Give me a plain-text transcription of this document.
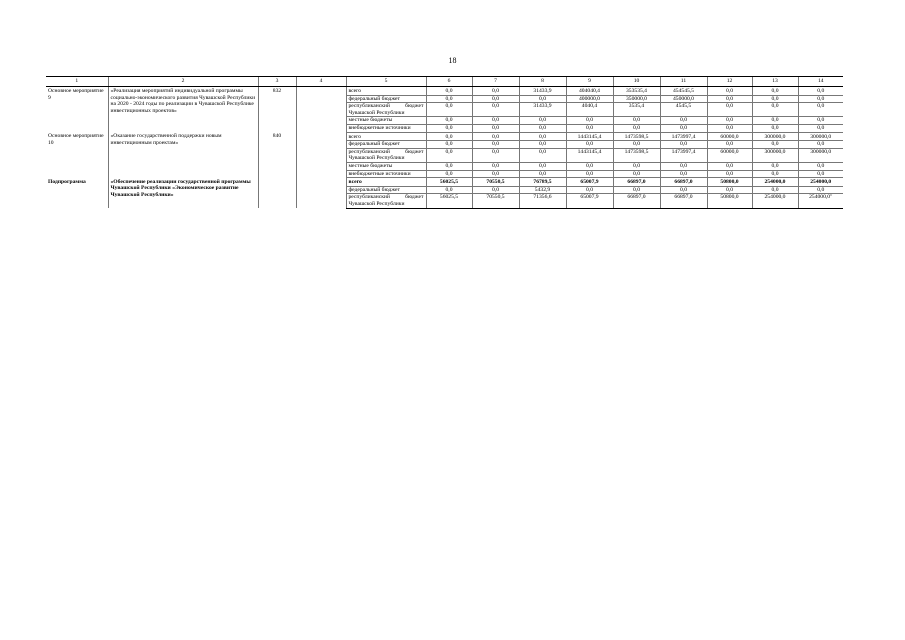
18
1	2	3	4	5	6	7	8	9	10	11	12	13	14
Основное мероприятие 9	«Реализация мероприятий индивидуальной программы социально-экономического развития Чувашской Республики на 2020 - 2024 годы по реализации в Чувашской Республике инвестиционных проектов»	832		всего	0,0	0,0	31433,9	404040,4	353535,4	454545,5	0,0	0,0	0,0
				федеральный бюджет	0,0	0,0	0,0	400000,0	350000,0	450000,0	0,0	0,0	0,0
				республиканский бюджет Чувашской Республики	0,0	0,0	31433,9	4040,4	3535,4	4545,5	0,0	0,0	0,0
				местные бюджеты	0,0	0,0	0,0	0,0	0,0	0,0	0,0	0,0	0,0
				внебюджетные источники	0,0	0,0	0,0	0,0	0,0	0,0	0,0	0,0	0,0
Основное мероприятие 10	«Оказание государственной поддержки новым инвестиционным проектам»	840		всего	0,0	0,0	0,0	1443145,4	1473598,5	1473997,4	60000,0	300000,0	300000,0
				федеральный бюджет	0,0	0,0	0,0	0,0	0,0	0,0	0,0	0,0	0,0
				республиканский бюджет Чувашской Республики	0,0	0,0	0,0	1443145,4	1473598,5	1473997,4	60000,0	300000,0	300000,0
				местные бюджеты	0,0	0,0	0,0	0,0	0,0	0,0	0,0	0,0	0,0
				внебюджетные источники	0,0	0,0	0,0	0,0	0,0	0,0	0,0	0,0	0,0
Подпрограмма	«Обеспечение реализации государственной программы Чувашской Республики «Экономическое развитие Чувашской Республики»			всего	56025,5	70550,5	76789,5	65007,9	66897,0	66897,0	50800,0	254000,0	254000,0
				федеральный бюджет	0,0	0,0	5432,9	0,0	0,0	0,0	0,0	0,0	0,0
				республиканский бюджет Чувашской Республики	56025,5	70550,5	71356,6	65007,9	66897,0	66897,0	50800,0	254000,0	254000,0"
